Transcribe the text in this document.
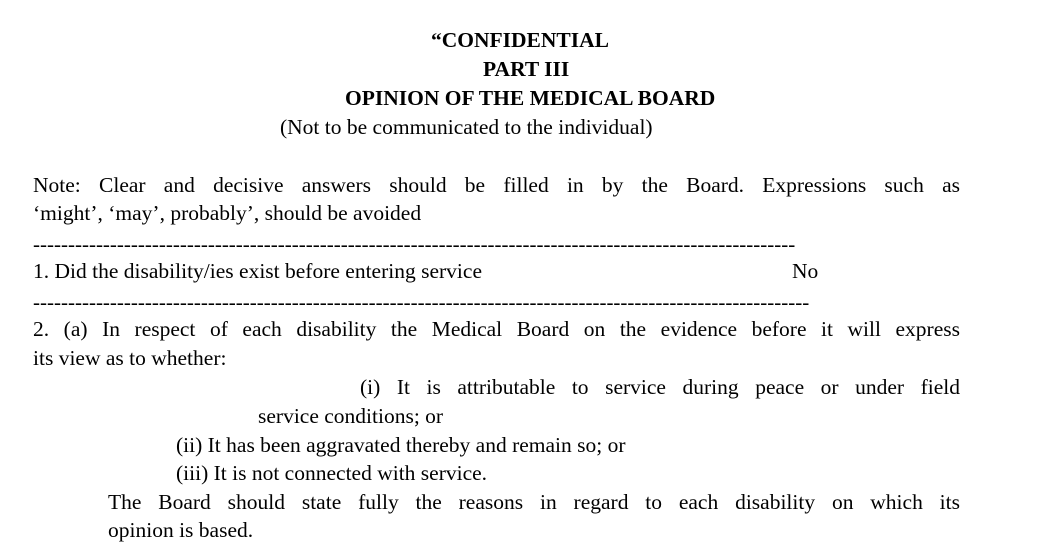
“CONFIDENTIAL
PART III
OPINION OF THE MEDICAL BOARD
(Not to be communicated to the individual)
Note: Clear and decisive answers should be filled in by the Board. Expressions such as
‘might’, ‘may’, probably’, should be avoided
-------------------------------------------------------------------------------------------------------------
1. Did the disability/ies exist before entering service	No
---------------------------------------------------------------------------------------------------------------
2. (a) In respect of each disability the Medical Board on the evidence before it will express
its view as to whether:
(i) It is attributable to service during peace or under field
service conditions; or
(ii) It has been aggravated thereby and remain so; or
(iii) It is not connected with service.
The Board should state fully the reasons in regard to each disability on which its
opinion is based.
